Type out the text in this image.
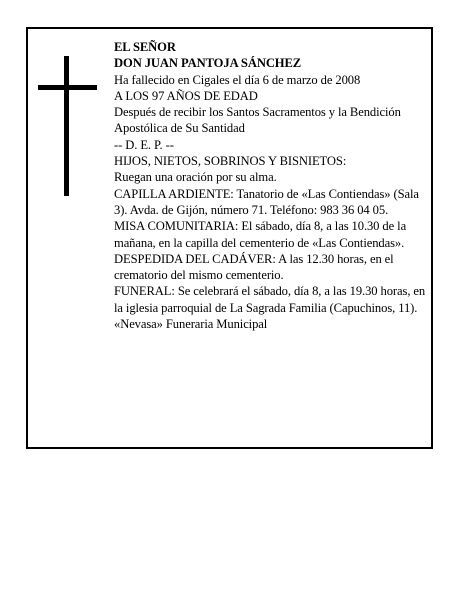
EL SEÑOR

DON JUAN PANTOJA SÁNCHEZ

Ha fallecido en Cigales el día 6 de marzo de 2008

A LOS 97 AÑOS DE EDAD

Después de recibir los Santos Sacramentos y la Bendición Apostólica de Su Santidad

-- D. E. P. --

HIJOS, NIETOS, SOBRINOS Y BISNIETOS:

Ruegan una oración por su alma.

CAPILLA ARDIENTE: Tanatorio de «Las Contiendas» (Sala 3). Avda. de Gijón, número 71. Teléfono: 983 36 04 05.

MISA COMUNITARIA: El sábado, día 8, a las 10.30 de la mañana, en la capilla del cementerio de «Las Contiendas».

DESPEDIDA DEL CADÁVER: A las 12.30 horas, en el crematorio del mismo cementerio.

FUNERAL: Se celebrará el sábado, día 8, a las 19.30 horas, en la iglesia parroquial de La Sagrada Familia (Capuchinos, 11).

«Nevasa» Funeraria Municipal
